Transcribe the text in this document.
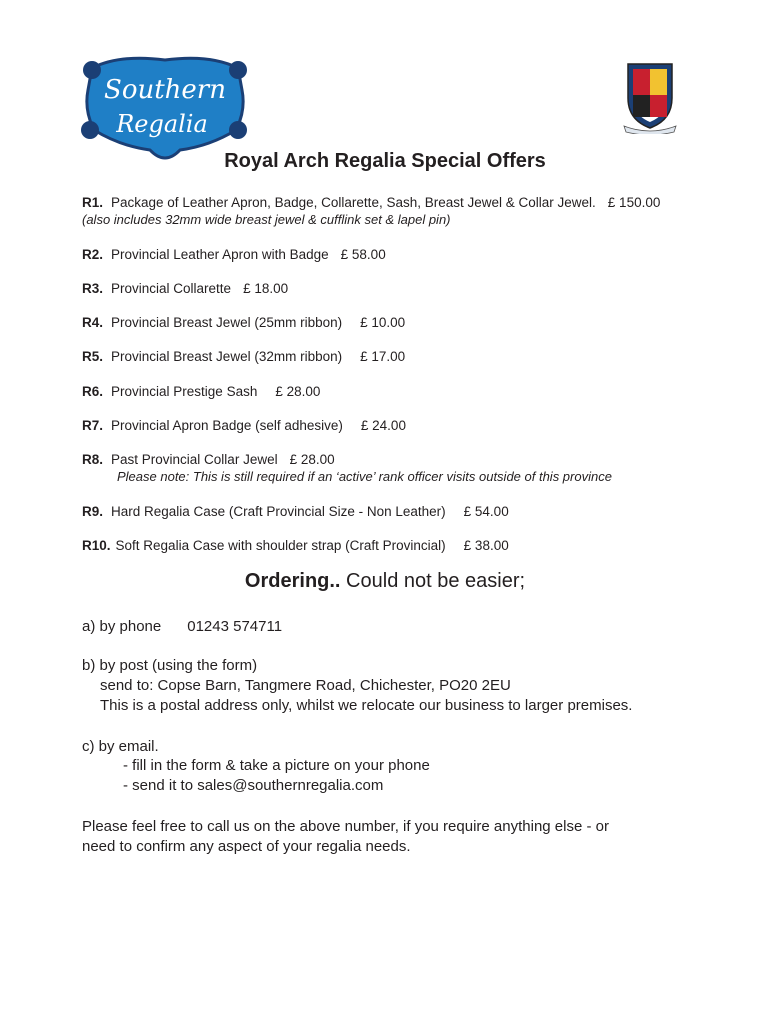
Southern
Regalia
Royal Arch Regalia Special Offers
R1. Package of Leather Apron, Badge, Collarette, Sash, Breast Jewel & Collar Jewel. £ 150.00
(also includes 32mm wide breast jewel & cufflink set & lapel pin)
R2. Provincial Leather Apron with Badge £ 58.00
R3. Provincial Collarette £ 18.00
R4. Provincial Breast Jewel (25mm ribbon) £ 10.00
R5. Provincial Breast Jewel (32mm ribbon) £ 17.00
R6. Provincial Prestige Sash £ 28.00
R7. Provincial Apron Badge (self adhesive) £ 24.00
R8. Past Provincial Collar Jewel £ 28.00
Please note: This is still required if an ‘active’ rank officer visits outside of this province
R9. Hard Regalia Case (Craft Provincial Size - Non Leather) £ 54.00
R10. Soft Regalia Case with shoulder strap (Craft Provincial) £ 38.00
Ordering.. Could not be easier;
a) by phone 01243 574711
b) by post (using the form)
send to: Copse Barn, Tangmere Road, Chichester, PO20 2EU
This is a postal address only, whilst we relocate our business to larger premises.
c) by email.
- fill in the form & take a picture on your phone
- send it to sales@southernregalia.com
Please feel free to call us on the above number, if you require anything else - or
need to confirm any aspect of your regalia needs.
